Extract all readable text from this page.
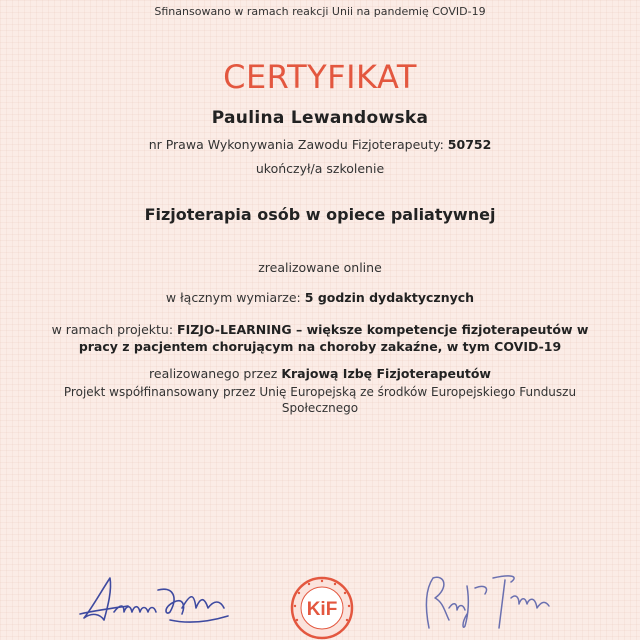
Sfinansowano w ramach reakcji Unii na pandemię COVID-19
CERTYFIKAT
Paulina Lewandowska
nr Prawa Wykonywania Zawodu Fizjoterapeuty: 50752
ukończył/a szkolenie
Fizjoterapia osób w opiece paliatywnej
zrealizowane online
w łącznym wymiarze: 5 godzin dydaktycznych
w ramach projektu: FIZJO-LEARNING – większe kompetencje fizjoterapeutów w pracy z pacjentem chorującym na choroby zakaźne, w tym COVID-19
realizowanego przez Krajową Izbę Fizjoterapeutów
Projekt współfinansowany przez Unię Europejską ze środków Europejskiego Funduszu Społecznego
KiF
